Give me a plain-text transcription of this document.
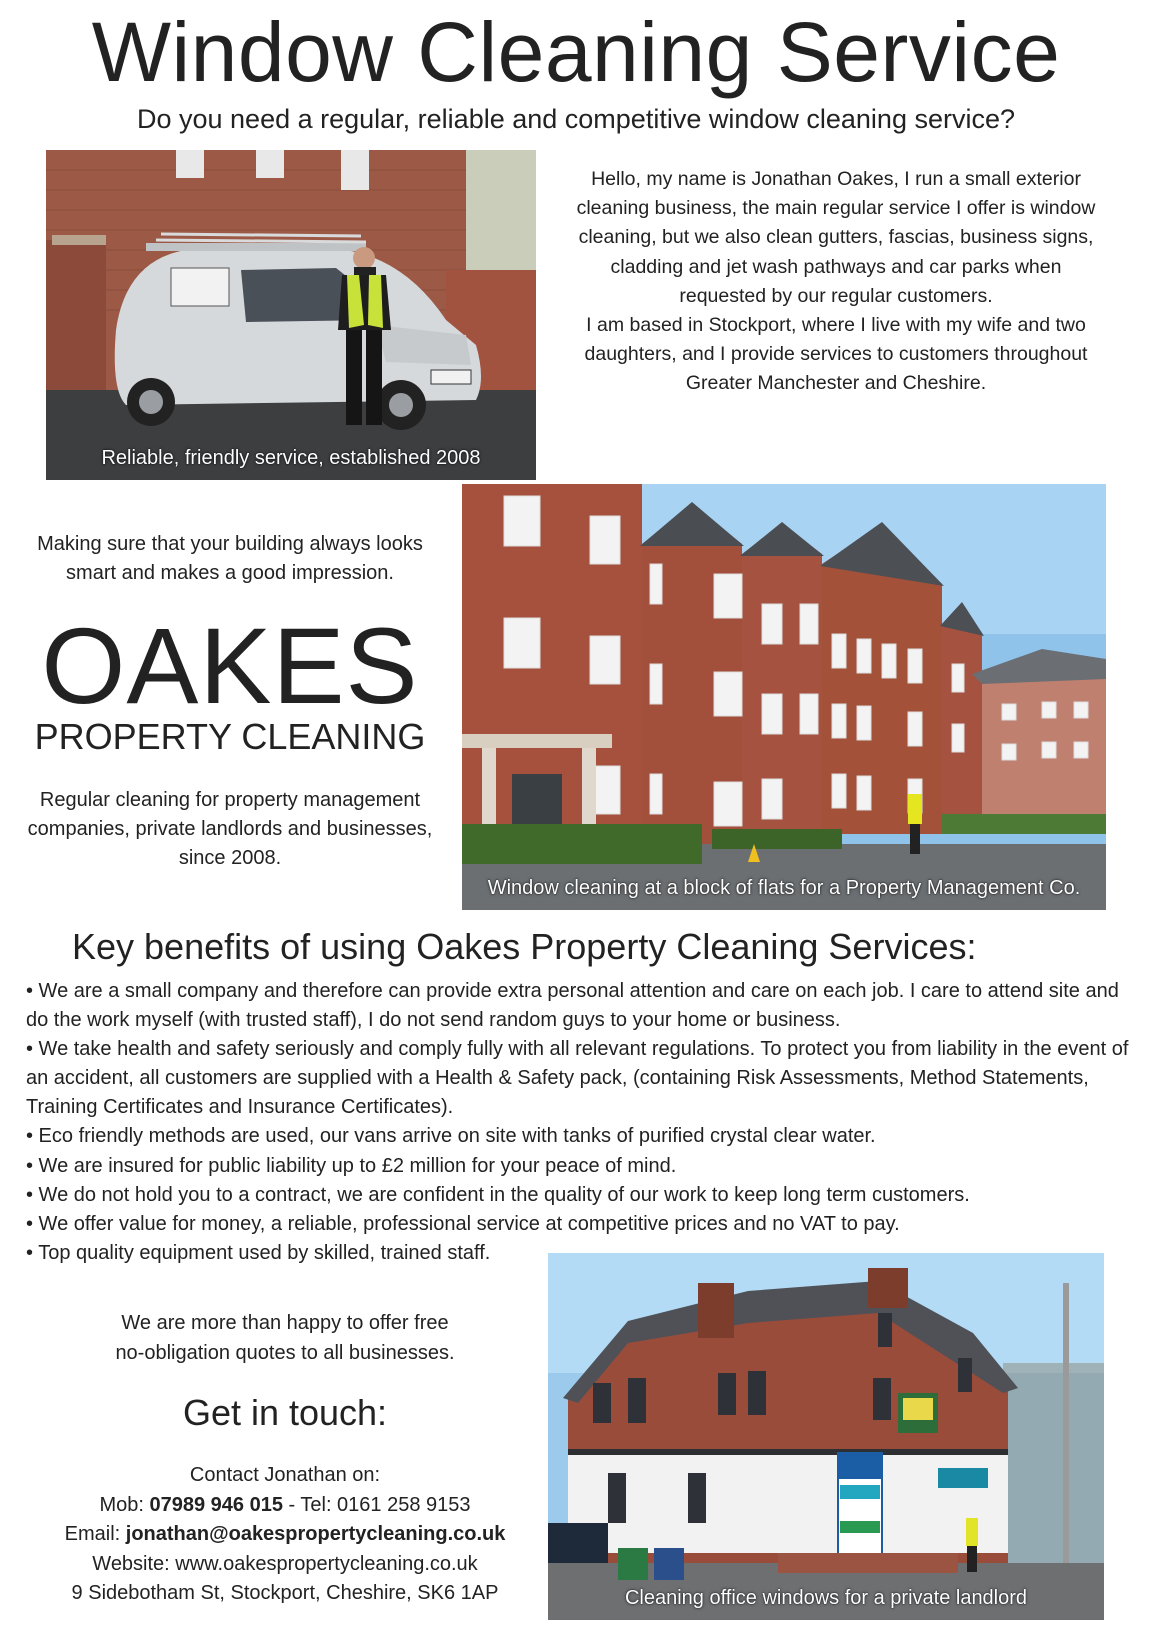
Window Cleaning Service
Do you need a regular, reliable and competitive window cleaning service?
Reliable, friendly service, established 2008

Hello, my name is Jonathan Oakes, I run a small exterior cleaning business, the main regular service I offer is window cleaning, but we also clean gutters, fascias, business signs, cladding and jet wash pathways and car parks when requested by our regular customers.

I am based in Stockport, where I live with my wife and two daughters, and I provide services to customers throughout Greater Manchester and Cheshire.

Window cleaning at a block of flats for a Property Management Co.
Making sure that your building always looks smart and makes a good impression.
OAKES
PROPERTY CLEANING
Regular cleaning for property management companies, private landlords and businesses, since 2008.
Key benefits of using Oakes Property Cleaning Services:
• We are a small company and therefore can provide extra personal attention and care on each job. I care to attend site and do the work myself (with trusted staff), I do not send random guys to your home or business.
• We take health and safety seriously and comply fully with all relevant regulations. To protect you from liability in the event of an accident, all customers are supplied with a Health & Safety pack, (containing Risk Assessments, Method Statements, Training Certificates and Insurance Certificates).
• Eco friendly methods are used, our vans arrive on site with tanks of purified crystal clear water.
• We are insured for public liability up to £2 million for your peace of mind.
• We do not hold you to a contract, we are confident in the quality of our work to keep long term customers.
• We offer value for money, a reliable, professional service at competitive prices and no VAT to pay.
• Top quality equipment used by skilled, trained staff.
We are more than happy to offer free
no-obligation quotes to all businesses.
Get in touch:
Contact Jonathan on:
Mob: 07989 946 015 - Tel: 0161 258 9153
Email: jonathan@oakespropertycleaning.co.uk
Website: www.oakespropertycleaning.co.uk
9 Sidebotham St, Stockport, Cheshire, SK6 1AP	Cleaning office windows for a private landlord
